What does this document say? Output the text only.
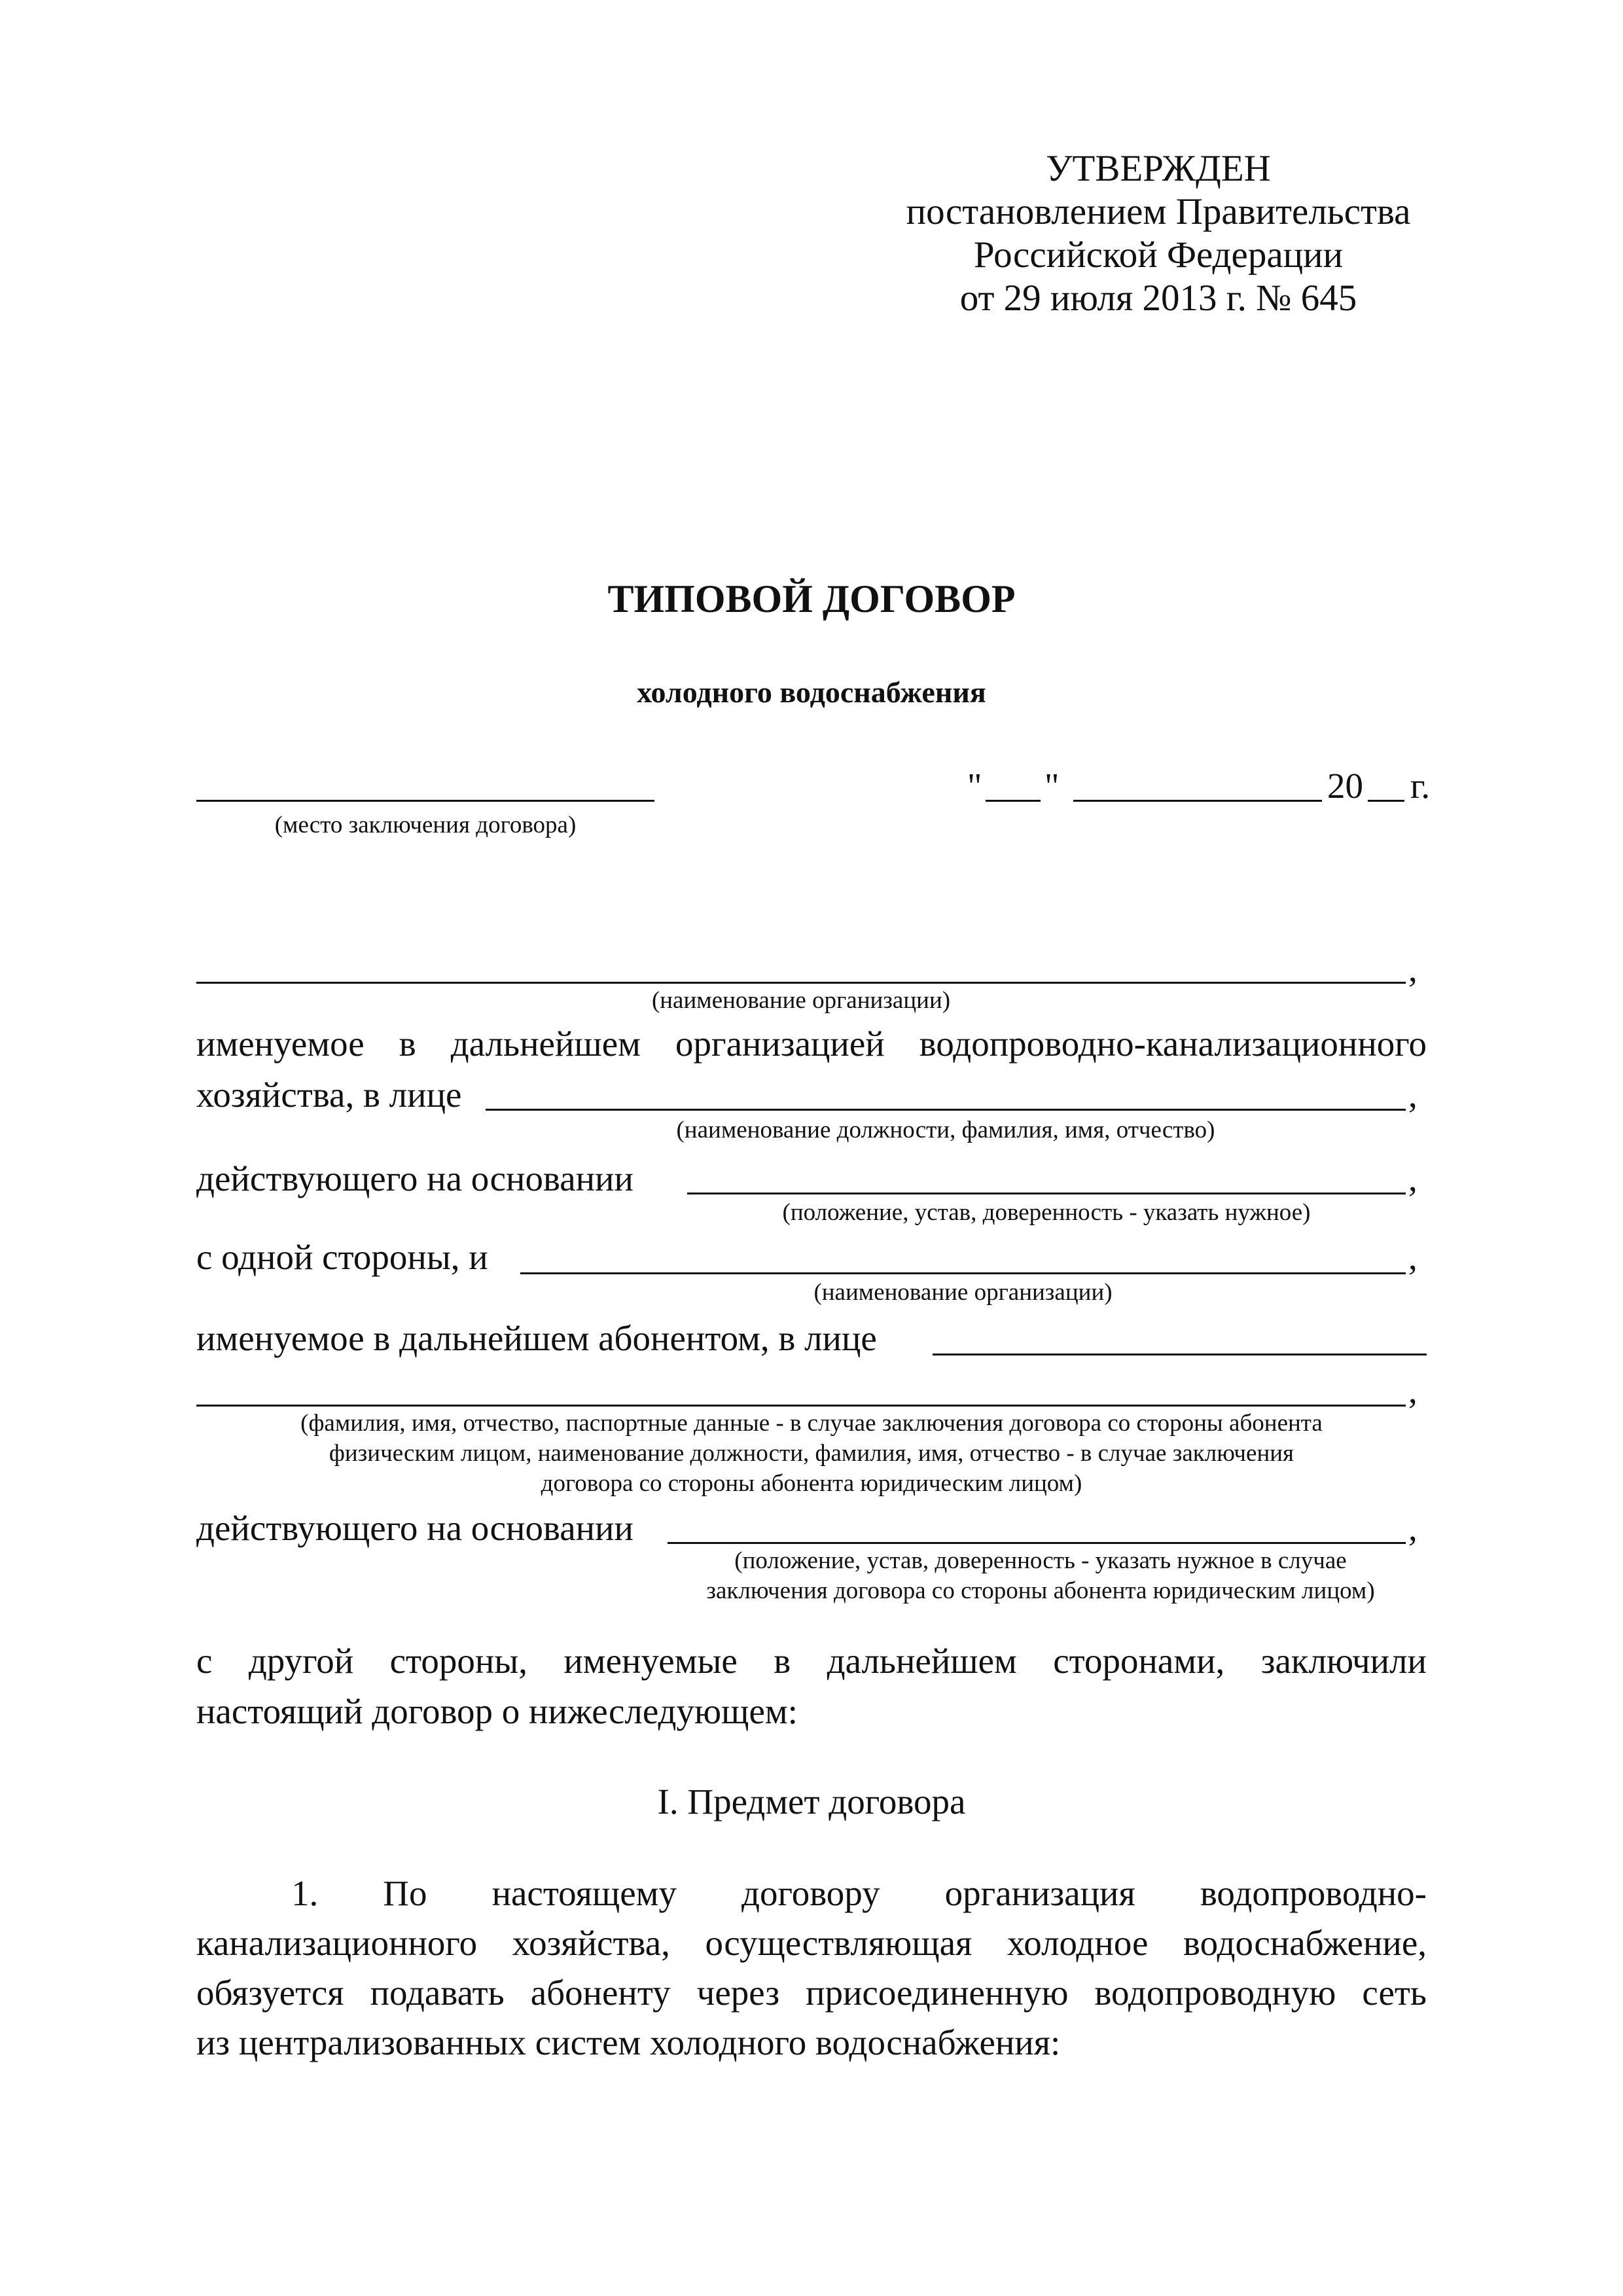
УТВЕРЖДЕН
постановлением Правительства
Российской Федерации
от 29 июля 2013 г. № 645
ТИПОВОЙ ДОГОВОР
холодного водоснабжения
(место заключения договора)
" "	20 г.
,
(наименование организации)
именуемое в дальнейшем организацией водопроводно-канализационного
хозяйства, в лице	,
(наименование должности, фамилия, имя, отчество)
действующего на основании	,
(положение, устав, доверенность - указать нужное)
с одной стороны, и	,
(наименование организации)
именуемое в дальнейшем абонентом, в лице
,
(фамилия, имя, отчество, паспортные данные - в случае заключения договора со стороны абонента
физическим лицом, наименование должности, фамилия, имя, отчество - в случае заключения
договора со стороны абонента юридическим лицом)
действующего на основании	,
(положение, устав, доверенность - указать нужное в случае
заключения договора со стороны абонента юридическим лицом)
с другой стороны, именуемые в дальнейшем сторонами, заключили
настоящий договор о нижеследующем:
I. Предмет договора
1. По настоящему договору организация водопроводно-
канализационного хозяйства, осуществляющая холодное водоснабжение,
обязуется подавать абоненту через присоединенную водопроводную сеть
из централизованных систем холодного водоснабжения:
